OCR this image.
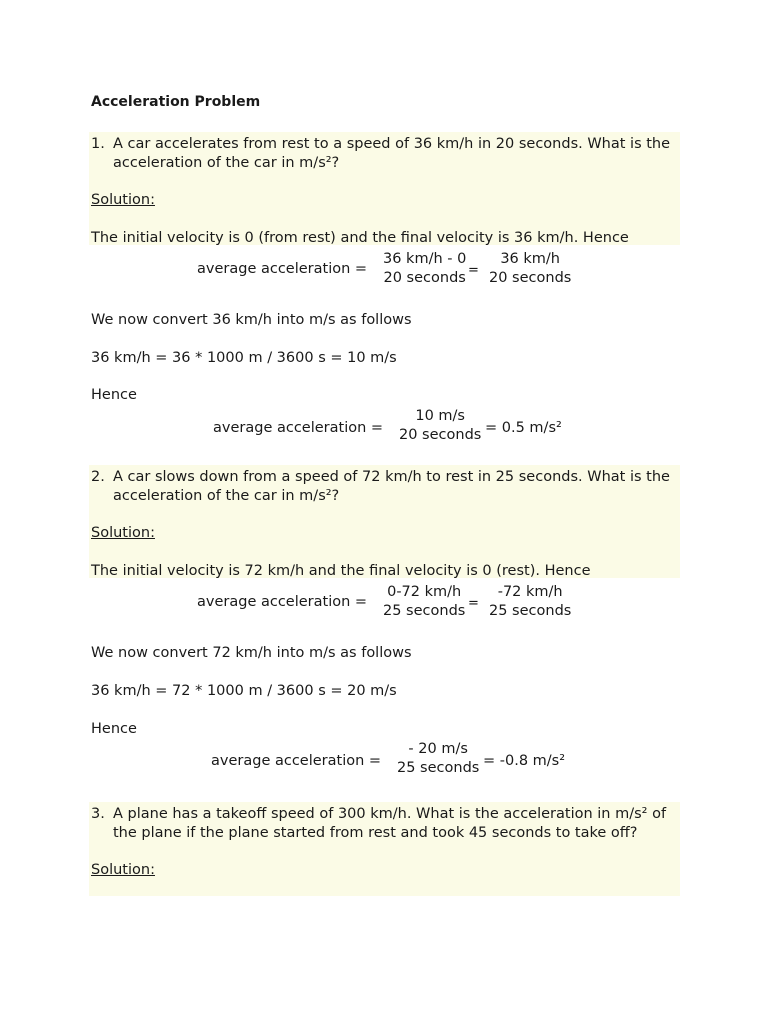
Acceleration Problem
1. A car accelerates from rest to a speed of 36 km/h in 20 seconds. What is the
acceleration of the car in m/s²?
Solution:
The initial velocity is 0 (from rest) and the final velocity is 36 km/h. Hence
average acceleration =
36 km/h - 0
20 seconds =
36 km/h
20 seconds
We now convert 36 km/h into m/s as follows
36 km/h = 36 * 1000 m / 3600 s = 10 m/s
Hence
average acceleration =
10 m/s
20 seconds = 0.5 m/s²
2. A car slows down from a speed of 72 km/h to rest in 25 seconds. What is the
acceleration of the car in m/s²?
Solution:
The initial velocity is 72 km/h and the final velocity is 0 (rest). Hence
average acceleration =
0-72 km/h
25 seconds =
-72 km/h
25 seconds
We now convert 72 km/h into m/s as follows
36 km/h = 72 * 1000 m / 3600 s = 20 m/s
Hence
average acceleration =
- 20 m/s
25 seconds = -0.8 m/s²
3. A plane has a takeoff speed of 300 km/h. What is the acceleration in m/s² of
the plane if the plane started from rest and took 45 seconds to take off?
Solution:
